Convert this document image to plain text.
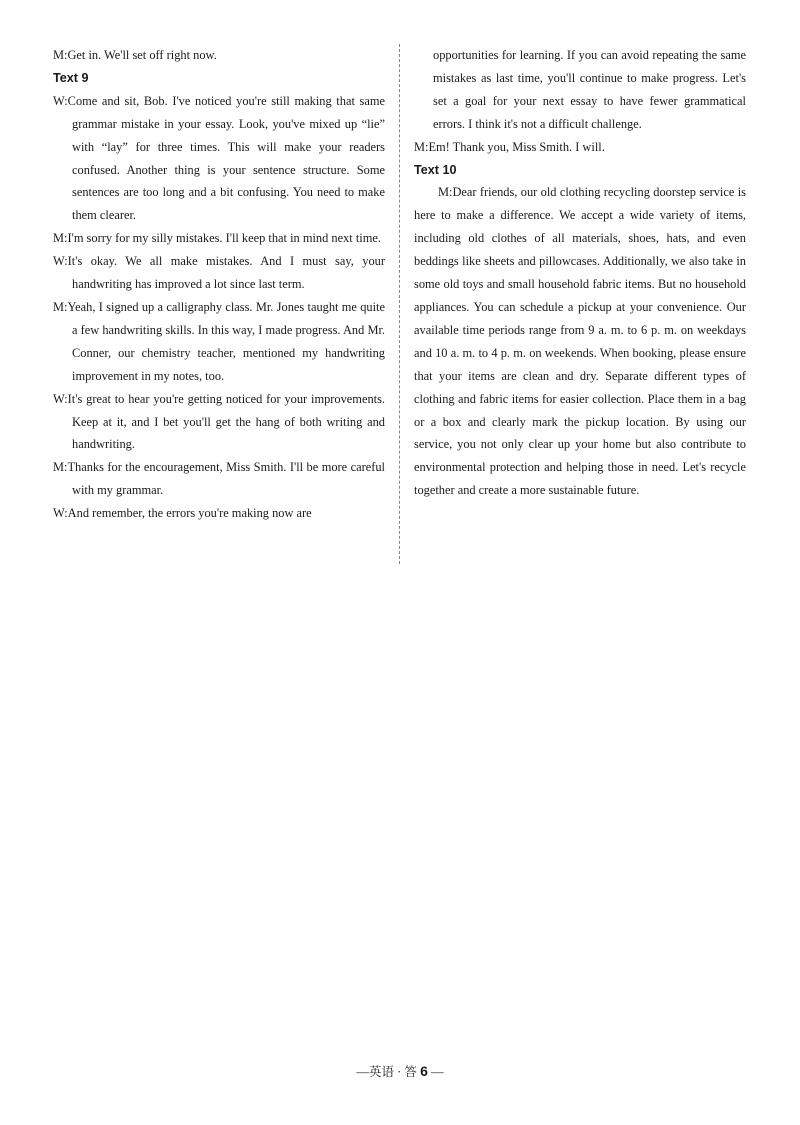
M:Get in. We'll set off right now.

Text 9

W:Come and sit, Bob. I've noticed you're still making that same grammar mistake in your essay. Look, you've mixed up “lie” with “lay” for three times. This will make your readers confused. Another thing is your sentence structure. Some sentences are too long and a bit confusing. You need to make them clearer.

M:I'm sorry for my silly mistakes. I'll keep that in mind next time.

W:It's okay. We all make mistakes. And I must say, your handwriting has improved a lot since last term.

M:Yeah, I signed up a calligraphy class. Mr. Jones taught me quite a few handwriting skills. In this way, I made progress. And Mr. Conner, our chemistry teacher, mentioned my handwriting improvement in my notes, too.

W:It's great to hear you're getting noticed for your improvements. Keep at it, and I bet you'll get the hang of both writing and handwriting.

M:Thanks for the encouragement, Miss Smith. I'll be more careful with my grammar.

W:And remember, the errors you're making now are

opportunities for learning. If you can avoid repeating the same mistakes as last time, you'll continue to make progress. Let's set a goal for your next essay to have fewer grammatical errors. I think it's not a difficult challenge.

M:Em! Thank you, Miss Smith. I will.

Text 10

M:Dear friends, our old clothing recycling doorstep service is here to make a difference. We accept a wide variety of items, including old clothes of all materials, shoes, hats, and even beddings like sheets and pillowcases. Additionally, we also take in some old toys and small household fabric items. But no household appliances. You can schedule a pickup at your convenience. Our available time periods range from 9 a. m. to 6 p. m. on weekdays and 10 a. m. to 4 p. m. on weekends. When booking, please ensure that your items are clean and dry. Separate different types of clothing and fabric items for easier collection. Place them in a bag or a box and clearly mark the pickup location. By using our service, you not only clear up your home but also contribute to environmental protection and helping those in need. Let's recycle together and create a more sustainable future.

—英语 · 答 6 —
